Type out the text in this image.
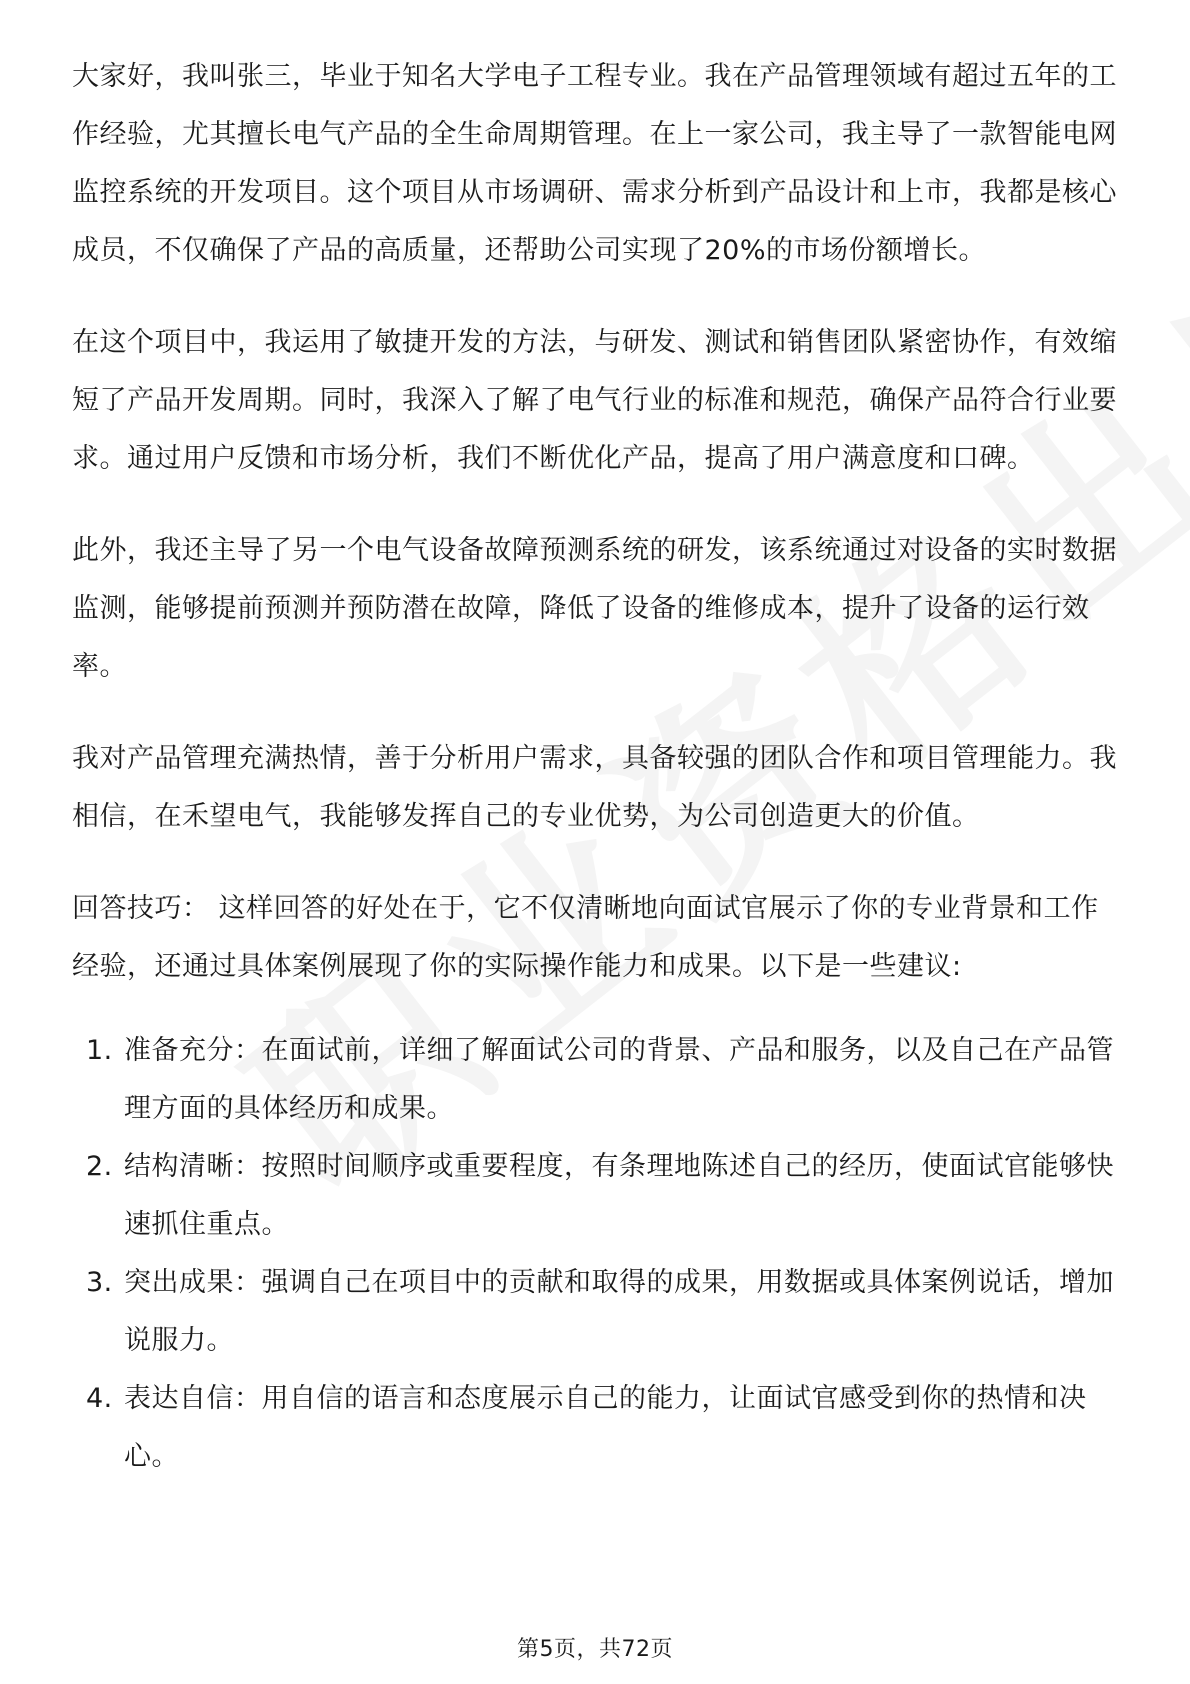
大家好，我叫张三，毕业于知名大学电子工程专业。我在产品管理领域有超过五年的工作经验，尤其擅长电气产品的全生命周期管理。在上一家公司，我主导了一款智能电网监控系统的开发项目。这个项目从市场调研、需求分析到产品设计和上市，我都是核心成员，不仅确保了产品的高质量，还帮助公司实现了20%的市场份额增长。

在这个项目中，我运用了敏捷开发的方法，与研发、测试和销售团队紧密协作，有效缩短了产品开发周期。同时，我深入了解了电气行业的标准和规范，确保产品符合行业要求。通过用户反馈和市场分析，我们不断优化产品，提高了用户满意度和口碑。

此外，我还主导了另一个电气设备故障预测系统的研发，该系统通过对设备的实时数据监测，能够提前预测并预防潜在故障，降低了设备的维修成本，提升了设备的运行效率。

我对产品管理充满热情，善于分析用户需求，具备较强的团队合作和项目管理能力。我相信，在禾望电气，我能够发挥自己的专业优势，为公司创造更大的价值。

回答技巧： 这样回答的好处在于，它不仅清晰地向面试官展示了你的专业背景和工作经验，还通过具体案例展现了你的实际操作能力和成果。以下是一些建议:

1. 准备充分：在面试前，详细了解面试公司的背景、产品和服务，以及自己在产品管理方面的具体经历和成果。
2. 结构清晰：按照时间顺序或重要程度，有条理地陈述自己的经历，使面试官能够快速抓住重点。
3. 突出成果：强调自己在项目中的贡献和取得的成果，用数据或具体案例说话，增加说服力。
4. 表达自信：用自信的语言和态度展示自己的能力，让面试官感受到你的热情和决心。
第5页，共72页
